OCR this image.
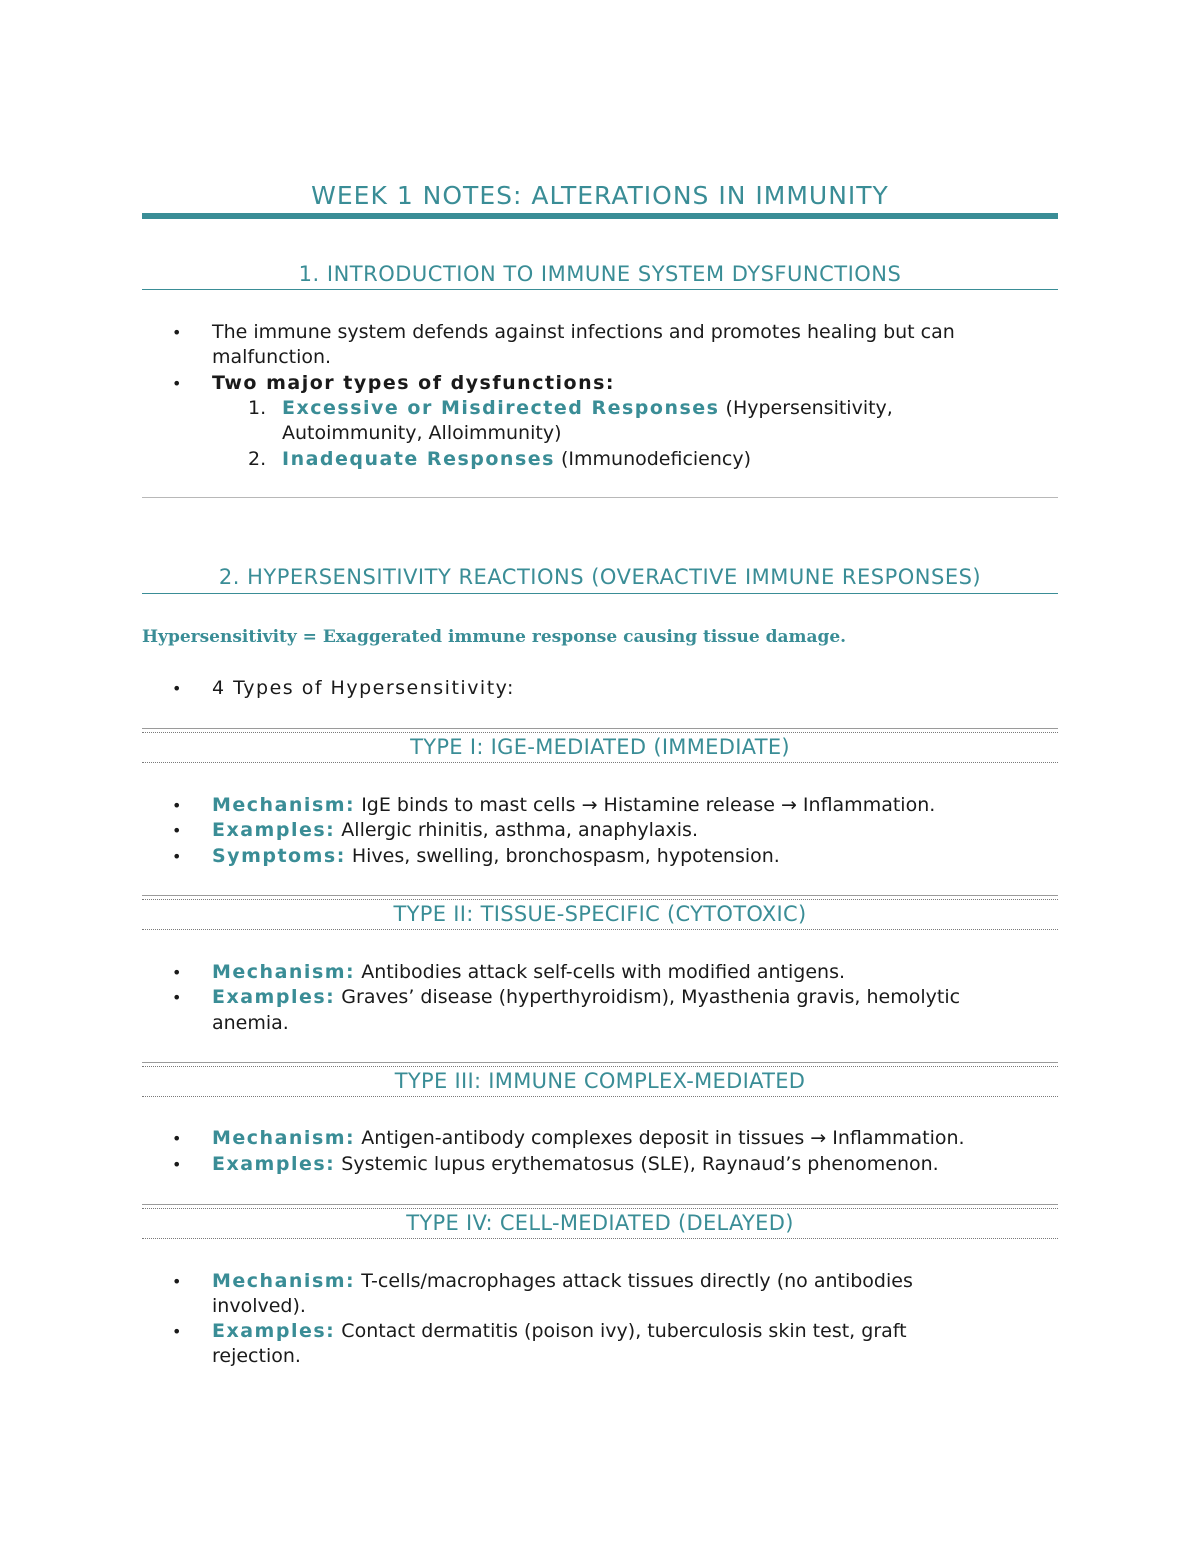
WEEK 1 NOTES: ALTERATIONS IN IMMUNITY
1. INTRODUCTION TO IMMUNE SYSTEM DYSFUNCTIONS
• The immune system defends against infections and promotes healing but can
malfunction.
• Two major types of dysfunctions:
1. Excessive or Misdirected Responses (Hypersensitivity,
Autoimmunity, Alloimmunity)
2. Inadequate Responses (Immunodeficiency)
2. HYPERSENSITIVITY REACTIONS (OVERACTIVE IMMUNE RESPONSES)
Hypersensitivity = Exaggerated immune response causing tissue damage.
• 4 Types of Hypersensitivity:
TYPE I: IGE-MEDIATED (IMMEDIATE)
• Mechanism: IgE binds to mast cells → Histamine release → Inflammation.
• Examples: Allergic rhinitis, asthma, anaphylaxis.
• Symptoms: Hives, swelling, bronchospasm, hypotension.
TYPE II: TISSUE-SPECIFIC (CYTOTOXIC)
• Mechanism: Antibodies attack self-cells with modified antigens.
• Examples: Graves’ disease (hyperthyroidism), Myasthenia gravis, hemolytic
anemia.
TYPE III: IMMUNE COMPLEX-MEDIATED
• Mechanism: Antigen-antibody complexes deposit in tissues → Inflammation.
• Examples: Systemic lupus erythematosus (SLE), Raynaud’s phenomenon.
TYPE IV: CELL-MEDIATED (DELAYED)
• Mechanism: T-cells/macrophages attack tissues directly (no antibodies
involved).
• Examples: Contact dermatitis (poison ivy), tuberculosis skin test, graft
rejection.
